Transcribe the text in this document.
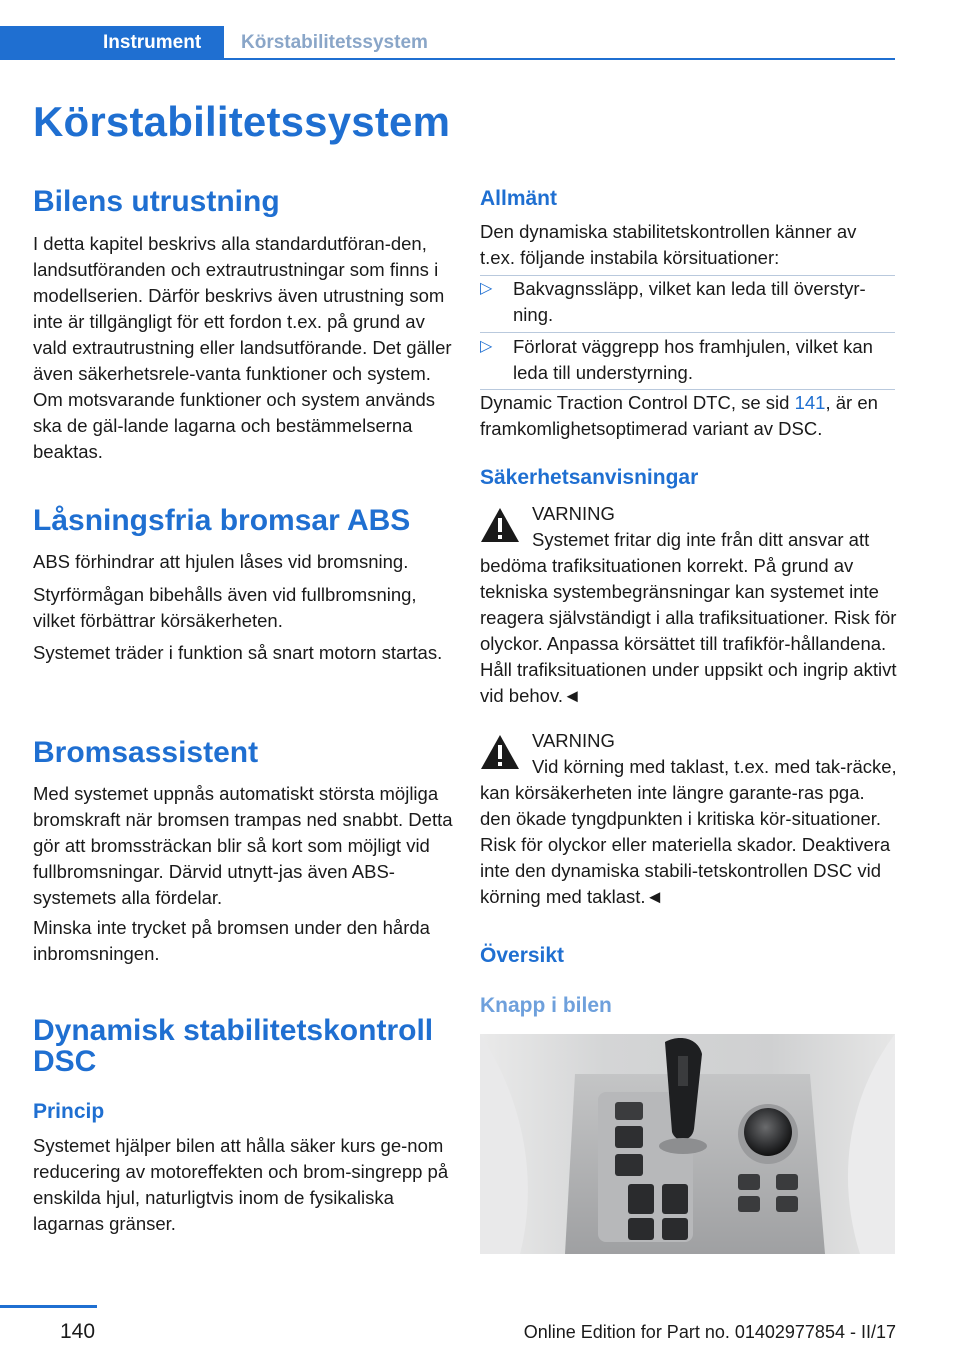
Instrument	Körstabilitetssystem
Körstabilitetssystem
Bilens utrustning

I detta kapitel beskrivs alla standardutföran-den, landsutföranden och extrautrustningar som finns i modellserien. Därför beskrivs även utrustning som inte är tillgängligt för ett fordon t.ex. på grund av vald extrautrustning eller landsutförande. Det gäller även säkerhetsrele-vanta funktioner och system. Om motsvarande funktioner och system används ska de gäl-lande lagarna och bestämmelserna beaktas.

Låsningsfria bromsar ABS

ABS förhindrar att hjulen låses vid bromsning.

Styrförmågan bibehålls även vid fullbromsning, vilket förbättrar körsäkerheten.

Systemet träder i funktion så snart motorn startas.

Bromsassistent

Med systemet uppnås automatiskt största möjliga bromskraft när bromsen trampas ned snabbt. Detta gör att bromssträckan blir så kort som möjligt vid fullbromsningar. Därvid utnytt-jas även ABS-systemets alla fördelar.

Minska inte trycket på bromsen under den hårda inbromsningen.

Dynamisk stabilitetskontroll
DSC
Princip

Systemet hjälper bilen att hålla säker kurs ge-nom reducering av motoreffekten och brom-singrepp på enskilda hjul, naturligtvis inom de fysikaliska lagarnas gränser.

Allmänt

Den dynamiska stabilitetskontrollen känner av t.ex. följande instabila körsituationer:

▷ Bakvagnssläpp, vilket kan leda till överstyr-ning.
▷ Förlorat väggrepp hos framhjulen, vilket kan leda till understyrning.

Dynamic Traction Control DTC, se sid 141, är en framkomlighetsoptimerad variant av DSC.

Säkerhetsanvisningar
VARNING
Systemet fritar dig inte från ditt ansvar att bedöma trafiksituationen korrekt. På grund av tekniska systembegränsningar kan systemet inte reagera självständigt i alla trafiksituationer. Risk för olyckor. Anpassa körsättet till trafikför-hållandena. Håll trafiksituationen under uppsikt och ingrip aktivt vid behov.◄
VARNING
Vid körning med taklast, t.ex. med tak-räcke, kan körsäkerheten inte längre garante-ras pga. den ökade tyngdpunkten i kritiska kör-situationer. Risk för olyckor eller materiella skador. Deaktivera inte den dynamiska stabili-tetskontrollen DSC vid körning med taklast.◄
Översikt
Knapp i bilen
140	Online Edition for Part no. 01402977854 - II/17
